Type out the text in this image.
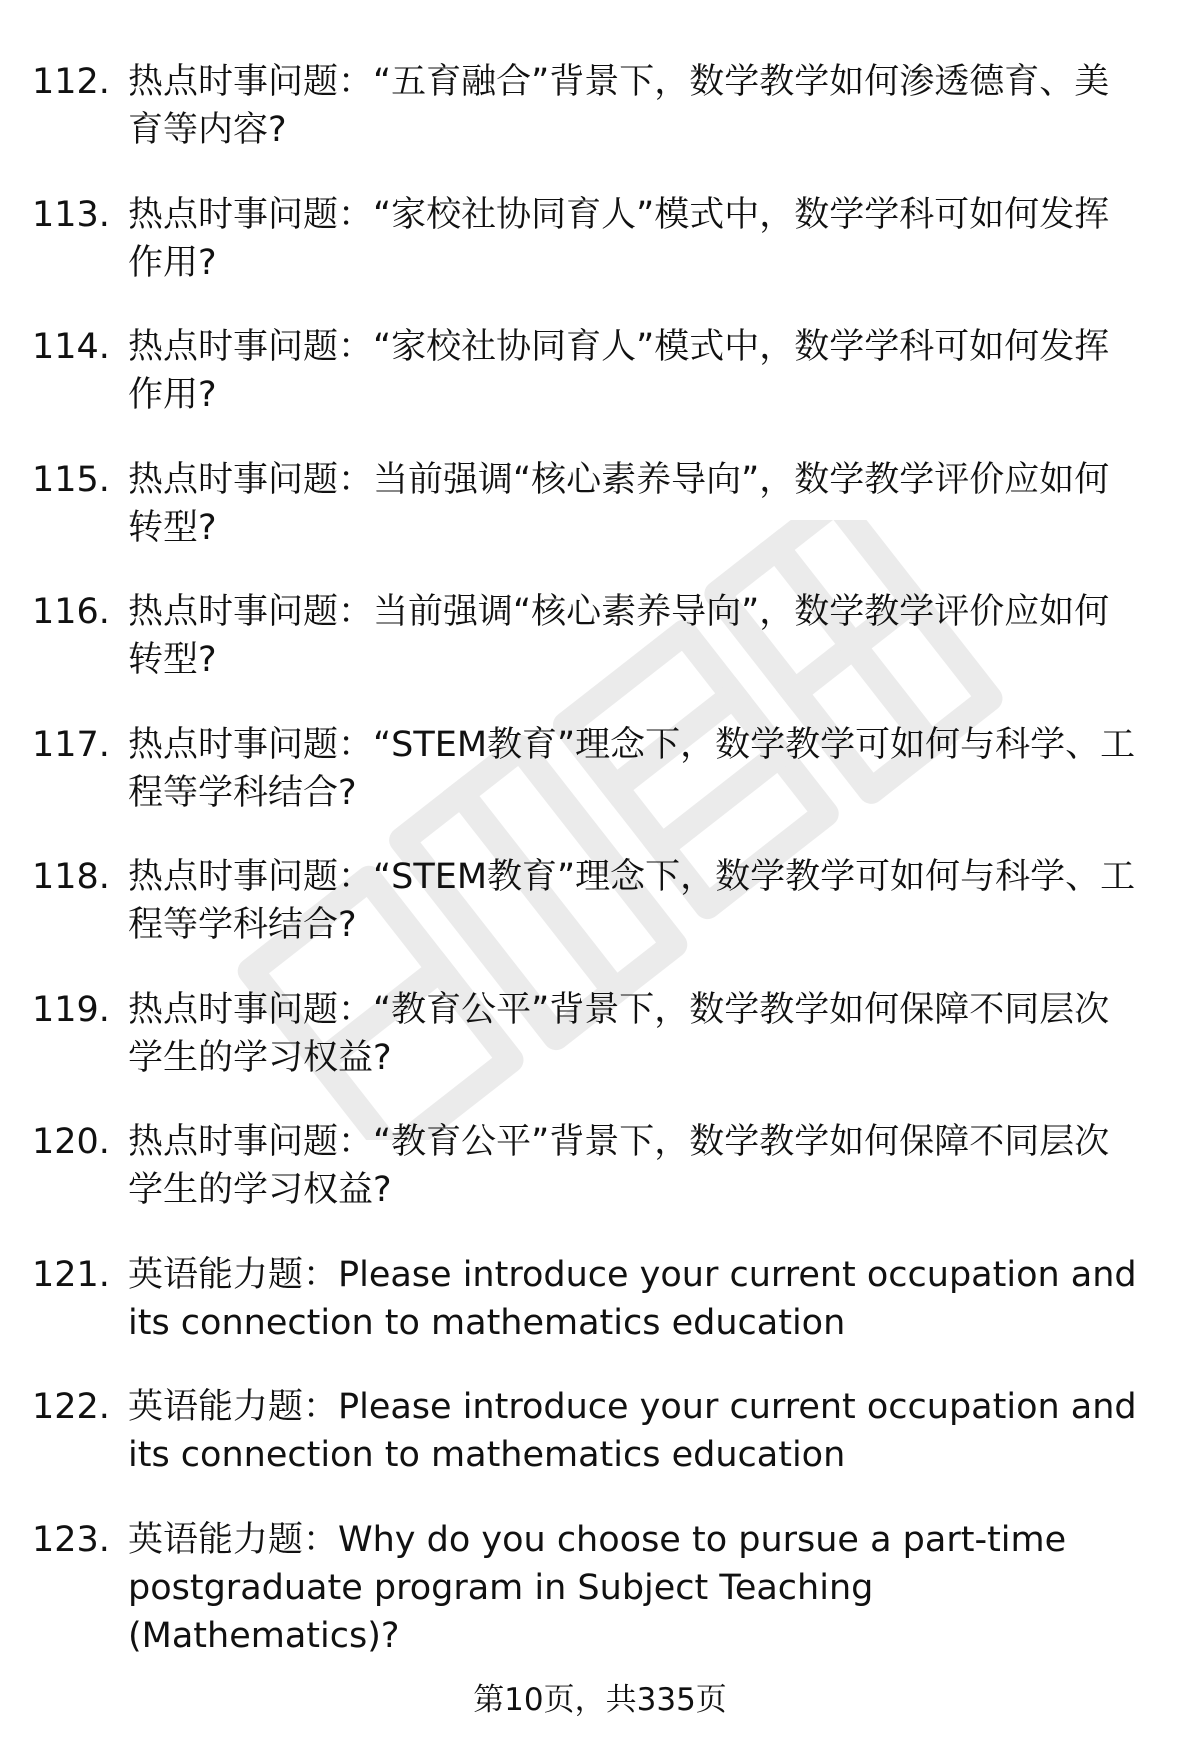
112. 热点时事问题：“五育融合”背景下，数学教学如何渗透德育、美育等内容?
113. 热点时事问题：“家校社协同育人”模式中，数学学科可如何发挥作用?
114. 热点时事问题：“家校社协同育人”模式中，数学学科可如何发挥作用?
115. 热点时事问题：当前强调“核心素养导向”，数学教学评价应如何转型?
116. 热点时事问题：当前强调“核心素养导向”，数学教学评价应如何转型?
117. 热点时事问题：“STEM教育”理念下，数学教学可如何与科学、工程等学科结合?
118. 热点时事问题：“STEM教育”理念下，数学教学可如何与科学、工程等学科结合?
119. 热点时事问题：“教育公平”背景下，数学教学如何保障不同层次学生的学习权益?
120. 热点时事问题：“教育公平”背景下，数学教学如何保障不同层次学生的学习权益?
121. 英语能力题：Please introduce your current occupation and its connection to mathematics education
122. 英语能力题：Please introduce your current occupation and its connection to mathematics education
123. 英语能力题：Why do you choose to pursue a part-time postgraduate program in Subject Teaching (Mathematics)?
第10页，共335页
